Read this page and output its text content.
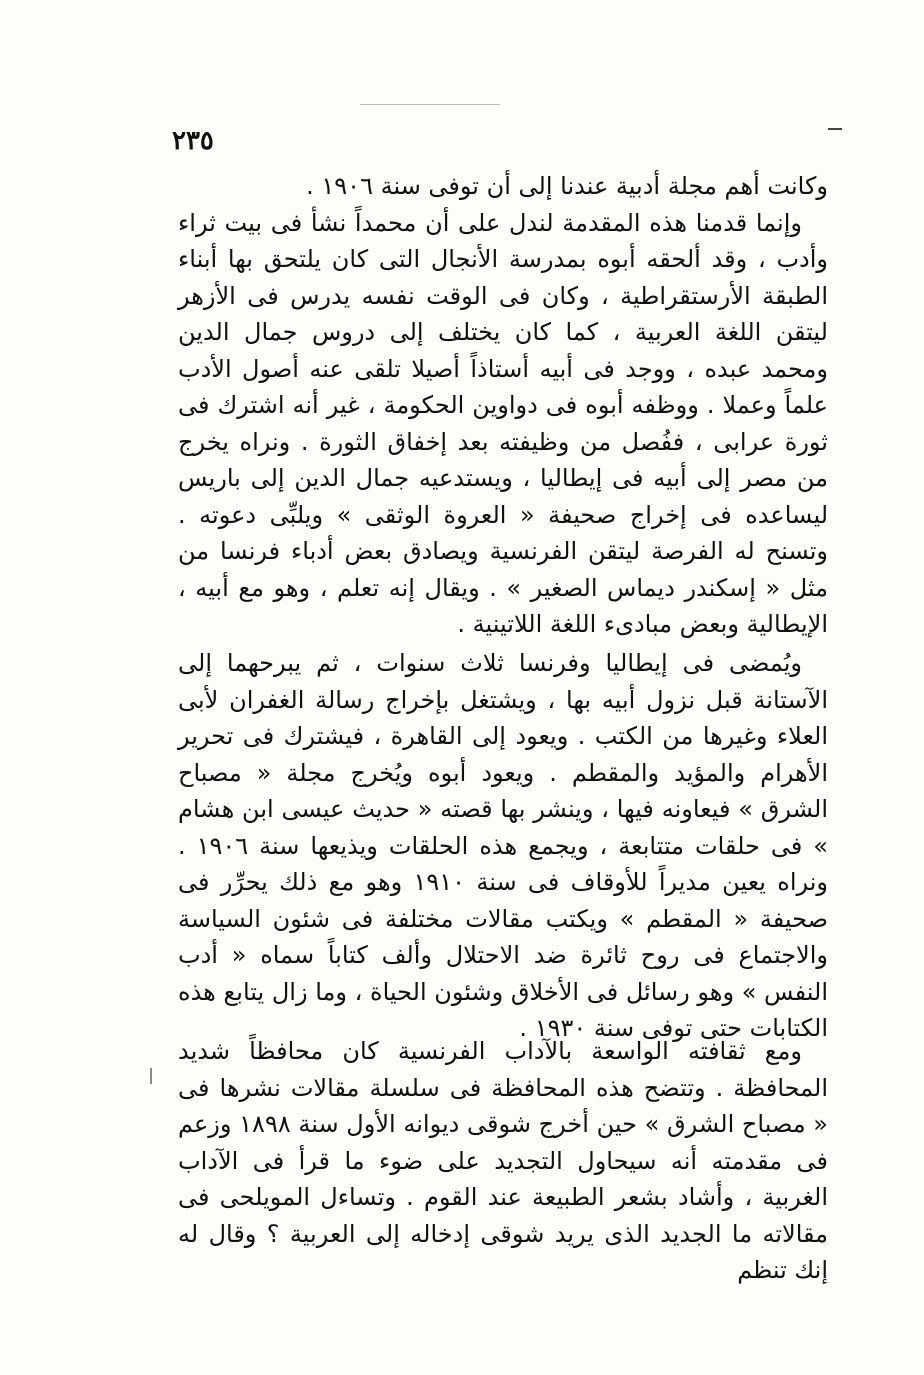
٢٣٥

وكانت أهم مجلة أدبية عندنا إلى أن توفى سنة ١٩٠٦ .

وإنما قدمنا هذه المقدمة لندل على أن محمداً نشأ فى بيت ثراء وأدب ، وقد ألحقه أبوه بمدرسة الأنجال التى كان يلتحق بها أبناء الطبقة الأرستقراطية ، وكان فى الوقت نفسه يدرس فى الأزهر ليتقن اللغة العربية ، كما كان يختلف إلى دروس جمال الدين ومحمد عبده ، ووجد فى أبيه أستاذاً أصيلا تلقى عنه أصول الأدب علماً وعملا . ووظفه أبوه فى دواوين الحكومة ، غير أنه اشترك فى ثورة عرابى ، ففُصل من وظيفته بعد إخفاق الثورة . ونراه يخرج من مصر إلى أبيه فى إيطاليا ، ويستدعيه جمال الدين إلى باريس ليساعده فى إخراج صحيفة « العروة الوثقى » ويلبِّى دعوته . وتسنح له الفرصة ليتقن الفرنسية ويصادق بعض أدباء فرنسا من مثل « إسكندر ديماس الصغير » . ويقال إنه تعلم ، وهو مع أبيه ، الإيطالية وبعض مبادىء اللغة اللاتينية .

ويُمضى فى إيطاليا وفرنسا ثلاث سنوات ، ثم يبرحهما إلى الآستانة قبل نزول أبيه بها ، ويشتغل بإخراج رسالة الغفران لأبى العلاء وغيرها من الكتب . ويعود إلى القاهرة ، فيشترك فى تحرير الأهرام والمؤيد والمقطم . ويعود أبوه ويُخرج مجلة « مصباح الشرق » فيعاونه فيها ، وينشر بها قصته « حديث عيسى ابن هشام » فى حلقات متتابعة ، ويجمع هذه الحلقات ويذيعها سنة ١٩٠٦ . ونراه يعين مديراً للأوقاف فى سنة ١٩١٠ وهو مع ذلك يحرِّر فى صحيفة « المقطم » ويكتب مقالات مختلفة فى شئون السياسة والاجتماع فى روح ثائرة ضد الاحتلال وألف كتاباً سماه « أدب النفس » وهو رسائل فى الأخلاق وشئون الحياة ، وما زال يتابع هذه الكتابات حتى توفى سنة ١٩٣٠ .

ومع ثقافته الواسعة بالآداب الفرنسية كان محافظاً شديد المحافظة . وتتضح هذه المحافظة فى سلسلة مقالات نشرها فى « مصباح الشرق » حين أخرج شوقى ديوانه الأول سنة ١٨٩٨ وزعم فى مقدمته أنه سيحاول التجديد على ضوء ما قرأ فى الآداب الغربية ، وأشاد بشعر الطبيعة عند القوم . وتساءل المويلحى فى مقالاته ما الجديد الذى يريد شوقى إدخاله إلى العربية ؟ وقال له إنك تنظم
